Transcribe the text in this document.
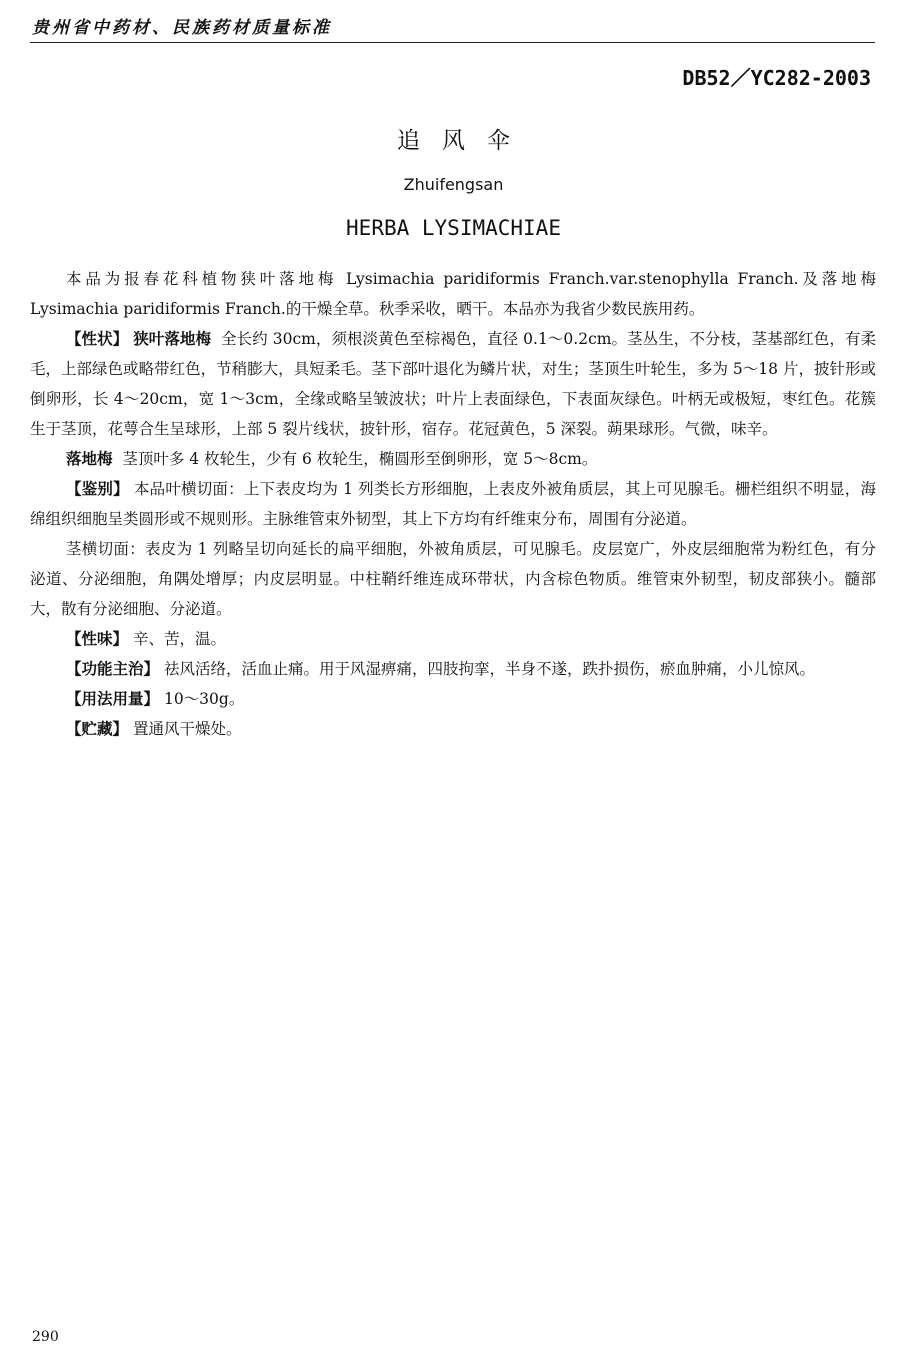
贵州省中药材、民族药材质量标准
DB52／YC282-2003
追风伞
Zhuifengsan
HERBA LYSIMACHIAE

本品为报春花科植物狭叶落地梅 Lysimachia paridiformis Franch.var.stenophylla Franch.及落地梅 Lysimachia paridiformis Franch.的干燥全草。秋季采收，晒干。本品亦为我省少数民族用药。

【性状】 狭叶落地梅 全长约 30cm，须根淡黄色至棕褐色，直径 0.1～0.2cm。茎丛生，不分枝，茎基部红色，有柔毛，上部绿色或略带红色，节稍膨大，具短柔毛。茎下部叶退化为鳞片状，对生；茎顶生叶轮生，多为 5～18 片，披针形或倒卵形，长 4～20cm，宽 1～3cm，全缘或略呈皱波状；叶片上表面绿色，下表面灰绿色。叶柄无或极短，枣红色。花簇生于茎顶，花萼合生呈球形，上部 5 裂片线状，披针形，宿存。花冠黄色，5 深裂。蒴果球形。气微，味辛。

落地梅 茎顶叶多 4 枚轮生，少有 6 枚轮生，椭圆形至倒卵形，宽 5～8cm。

【鉴别】 本品叶横切面：上下表皮均为 1 列类长方形细胞，上表皮外被角质层，其上可见腺毛。栅栏组织不明显，海绵组织细胞呈类圆形或不规则形。主脉维管束外韧型，其上下方均有纤维束分布，周围有分泌道。

茎横切面：表皮为 1 列略呈切向延长的扁平细胞，外被角质层，可见腺毛。皮层宽广，外皮层细胞常为粉红色，有分泌道、分泌细胞，角隅处增厚；内皮层明显。中柱鞘纤维连成环带状，内含棕色物质。维管束外韧型，韧皮部狭小。髓部大，散有分泌细胞、分泌道。

【性味】 辛、苦，温。

【功能主治】 祛风活络，活血止痛。用于风湿痹痛，四肢拘挛，半身不遂，跌扑损伤，瘀血肿痛，小儿惊风。

【用法用量】 10～30g。

【贮藏】 置通风干燥处。

290
